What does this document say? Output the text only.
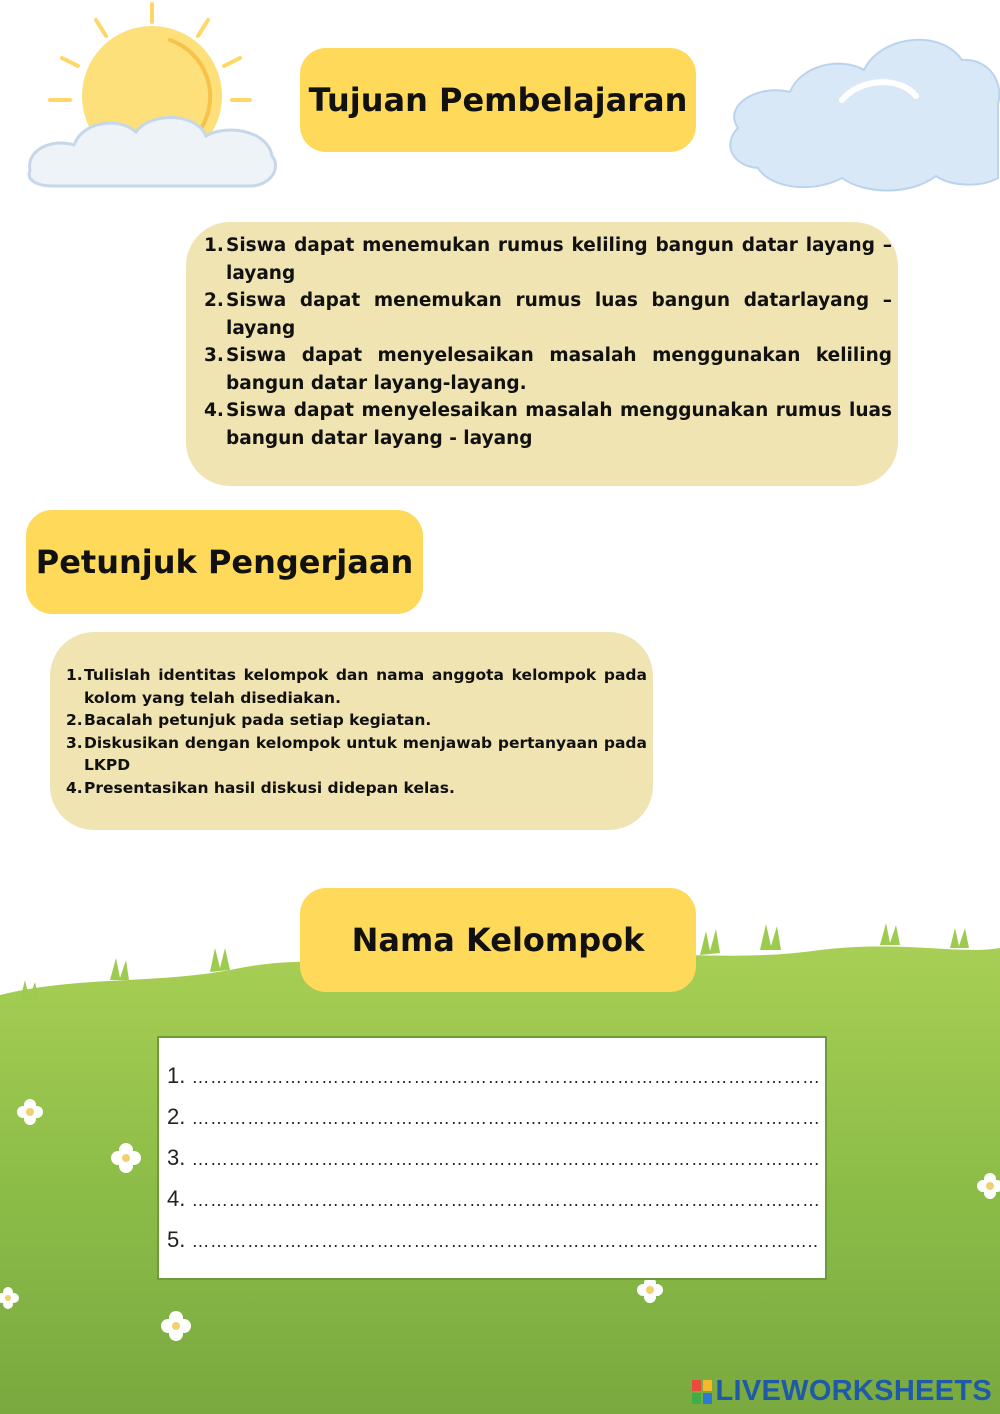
Tujuan Pembelajaran
1. Siswa dapat menemukan rumus keliling bangun datar layang – layang
2. Siswa dapat menemukan rumus luas bangun datarlayang – layang
3. Siswa dapat menyelesaikan masalah menggunakan keliling bangun datar layang-layang.
4. Siswa dapat menyelesaikan masalah menggunakan rumus luas bangun datar layang - layang
Petunjuk Pengerjaan
1. Tulislah identitas kelompok dan nama anggota kelompok pada kolom yang telah disediakan.
2. Bacalah petunjuk pada setiap kegiatan.
3. Diskusikan dengan kelompok untuk menjawab pertanyaan pada LKPD
4. Presentasikan hasil diskusi didepan kelas.
Nama Kelompok
1. …………………………………………………………………………………………
2. …………………………………………………………………………………………
3. …………………………………………………………………………………………
4. …………………………………………………………………………………………
5. …………………………………………………………………………….…………..
LIVEWORKSHEETS
